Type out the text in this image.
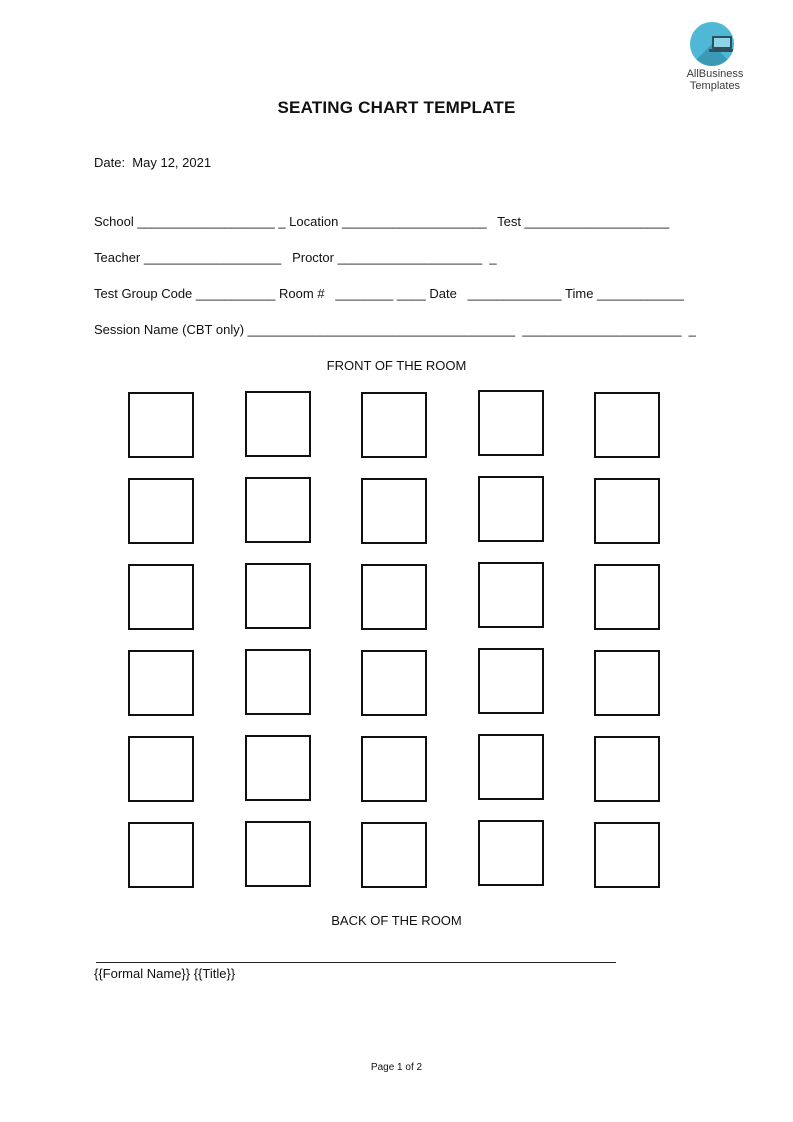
AllBusiness
Templates
SEATING CHART TEMPLATE
Date:  May 12, 2021
School ___________________ _ Location ____________________   Test ____________________
Teacher ___________________   Proctor ____________________  _
Test Group Code ___________ Room #   ________ ____ Date   _____________ Time ____________
Session Name (CBT only) _____________________________________  ______________________  _
FRONT OF THE ROOM
BACK OF THE ROOM
{{Formal Name}} {{Title}}
Page 1 of 2
